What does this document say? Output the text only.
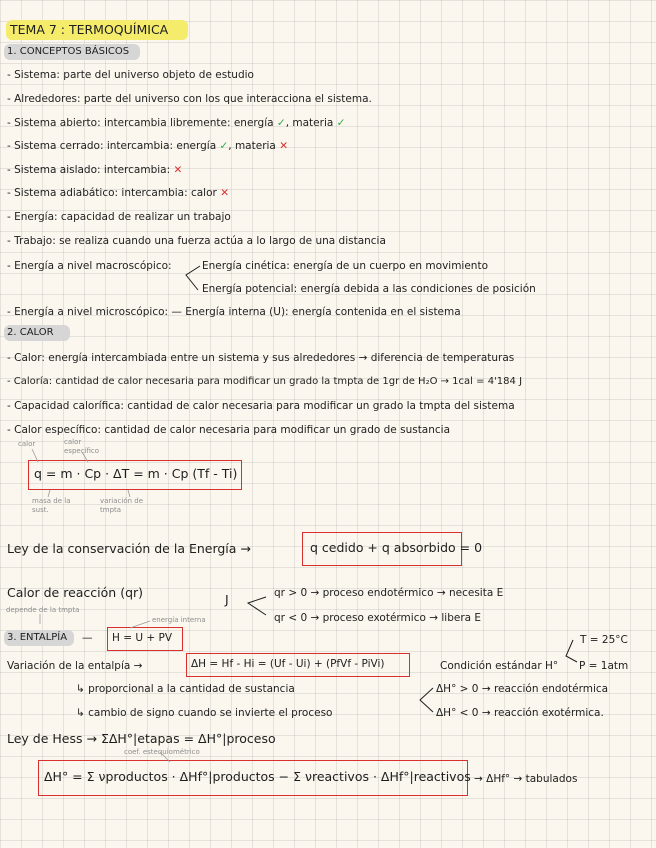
TEMA 7 : TERMOQUÍMICA
1. CONCEPTOS BÁSICOS
- Sistema: parte del universo objeto de estudio
- Alrededores: parte del universo con los que interacciona el sistema.
- Sistema abierto: intercambia libremente: energía ✓, materia ✓
- Sistema cerrado: intercambia: energía ✓, materia ✕
- Sistema aislado: intercambia: ✕
- Sistema adiabático: intercambia: calor ✕
- Energía: capacidad de realizar un trabajo
- Trabajo: se realiza cuando una fuerza actúa a lo largo de una distancia
- Energía a nivel macroscópico:	Energía cinética: energía de un cuerpo en movimiento
Energía potencial: energía debida a las condiciones de posición
- Energía a nivel microscópico: — Energía interna (U): energía contenida en el sistema
2. CALOR
- Calor: energía intercambiada entre un sistema y sus alrededores → diferencia de temperaturas
- Caloría: cantidad de calor necesaria para modificar un grado la tmpta de 1gr de H₂O → 1cal = 4'184 J
- Capacidad calorífica: cantidad de calor necesaria para modificar un grado la tmpta del sistema
- Calor específico: cantidad de calor necesaria para modificar un grado de sustancia
calor	calor específico
q = m · Cp · ΔT = m · Cp (Tf - Ti)
masa de la sust.
variación de tmpta
Ley de la conservación de la Energía →	q cedido + q absorbido = 0
Calor de reacción (qr)
depende de la tmpta
J	qr > 0 → proceso endotérmico → necesita E
qr < 0 → proceso exotérmico → libera E
3. ENTALPÍA —
energía interna
H = U + PV
Variación de la entalpía →	ΔH = Hf - Hi = (Uf - Ui) + (PfVf - PiVi)
↳ proporcional a la cantidad de sustancia
↳ cambio de signo cuando se invierte el proceso
T = 25°C
Condición estándar H° P = 1atm
ΔH° > 0 → reacción endotérmica
ΔH° < 0 → reacción exotérmica.
Ley de Hess → ΣΔH°|etapas = ΔH°|proceso
coef. estequiométrico
ΔH° = Σ νproductos · ΔHf°|productos − Σ νreactivos · ΔHf°|reactivos → ΔHf° → tabulados
